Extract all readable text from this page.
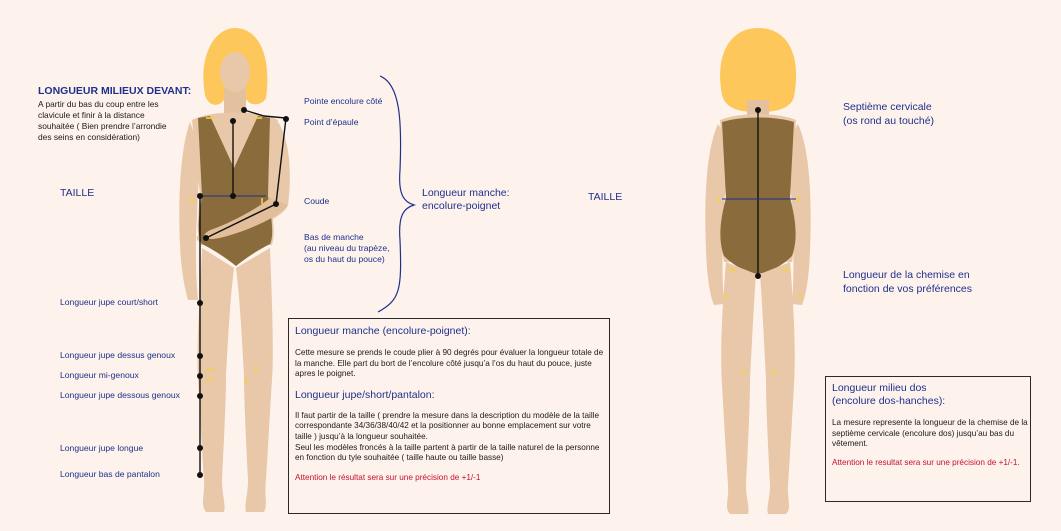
LONGUEUR MILIEUX DEVANT:
A partir du bas du coup entre les clavicule et finir à la distance souhaitée ( Bien prendre l’arrondie des seins en considération)
TAILLE
Pointe encolure côté
Point d’épaule
Coude
Bas de manche
(au niveau du trapèze,
os du haut du pouce)
Longueur manche:
encolure-poignet
Longueur jupe court/short
Longueur jupe dessus genoux
Longueur mi-genoux
Longueur jupe dessous genoux
Longueur jupe longue
Longueur bas de pantalon
TAILLE
Septième cervicale
(os rond au touché)
Longueur de la chemise en
fonction de vos préférences
Longueur manche (encolure-poignet):
Cette mesure se prends le coude plier à 90 degrés pour évaluer la longueur totale de la manche. Elle part du bort de l’encolure côté jusqu’a l’os du haut du pouce, juste apres le poignet.
Longueur jupe/short/pantalon:
Il faut partir de la taille ( prendre la mesure dans la description du modèle de la taille correspondante 34/36/38/40/42 et la positionner au bonne emplacement sur votre taille ) jusqu’à la longueur souhaitée.
Seul les modèles froncés à la taille partent à partir de la taille naturel de la personne en fonction du tyle souhaitée ( taille haute ou taille basse)
Attention le résultat sera sur une précision de +1/-1
Longueur milieu dos
(encolure dos-hanches):
La mesure represente la longueur de la chemise de la septième cervicale (encolure dos) jusqu’au bas du vêtement.
Attention le resultat sera sur une précision de +1/-1.
